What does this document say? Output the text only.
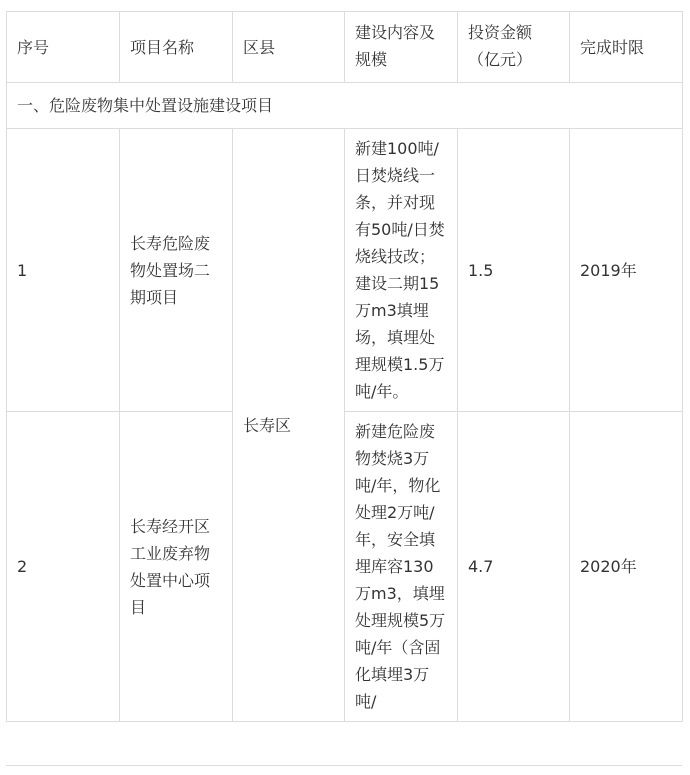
序号	项目名称	区县	建设内容及规模	投资金额（亿元）	完成时限
一、危险废物集中处置设施建设项目					
1	长寿危险废物处置场二期项目	长寿区	新建100吨/日焚烧线一条，并对现有50吨/日焚烧线技改；建设二期15万m3填埋场，填埋处理规模1.5万吨/年。	1.5	2019年
2	长寿经开区工业废弃物处置中心项目		新建危险废物焚烧3万吨/年，物化处理2万吨/年，安全填埋库容130万m3，填埋处理规模5万吨/年（含固化填埋3万吨/	4.7	2020年
